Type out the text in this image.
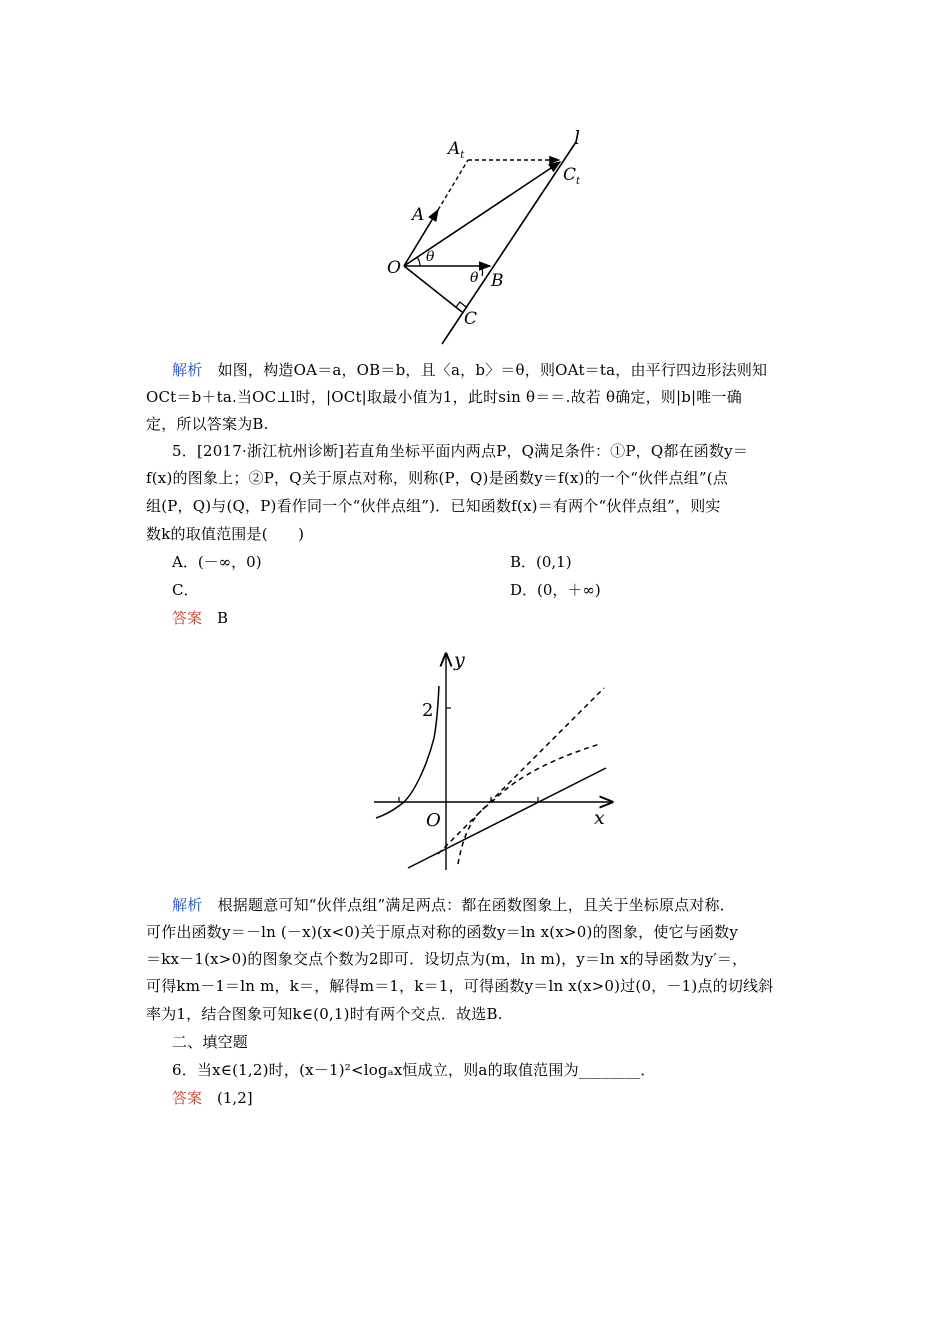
$A_t$
l
$C_t$
A
O
θ
θ B
C
解析　 如图，构造OA＝a，OB＝b，且〈a，b〉＝θ，则OAt＝ta，由平行四边形法则知
OCt＝b＋ta.当OC⊥l时，|OCt|取最小值为1，此时sin θ＝＝.故若 θ确定，则|b|唯一确
定，所以答案为B.
5．[2017·浙江杭州诊断]若直角坐标平面内两点P，Q满足条件：①P，Q都在函数y＝
f(x)的图象上；②P，Q关于原点对称，则称(P，Q)是函数y＝f(x)的一个“伙伴点组”(点
组(P，Q)与(Q，P)看作同一个“伙伴点组”)．已知函数f(x)＝有两个“伙伴点组”，则实
数k的取值范围是(　　)
A．(－∞，0)	B．(0,1)
C．	D．(0，＋∞)
答案　 B
y
x
O
2
解析　 根据题意可知“伙伴点组”满足两点：都在函数图象上，且关于坐标原点对称．
可作出函数y＝－ln (－x)(x<0)关于原点对称的函数y＝ln x(x>0)的图象，使它与函数y
＝kx－1(x>0)的图象交点个数为2即可．设切点为(m，ln m)，y＝ln x的导函数为y′＝，
可得km－1＝ln m，k＝，解得m＝1，k＝1，可得函数y＝ln x(x>0)过(0，－1)点的切线斜
率为1，结合图象可知k∈(0,1)时有两个交点．故选B.
二、填空题
6．当x∈(1,2)时，(x－1)²<logₐx恒成立，则a的取值范围为________．
答案　 (1,2]
